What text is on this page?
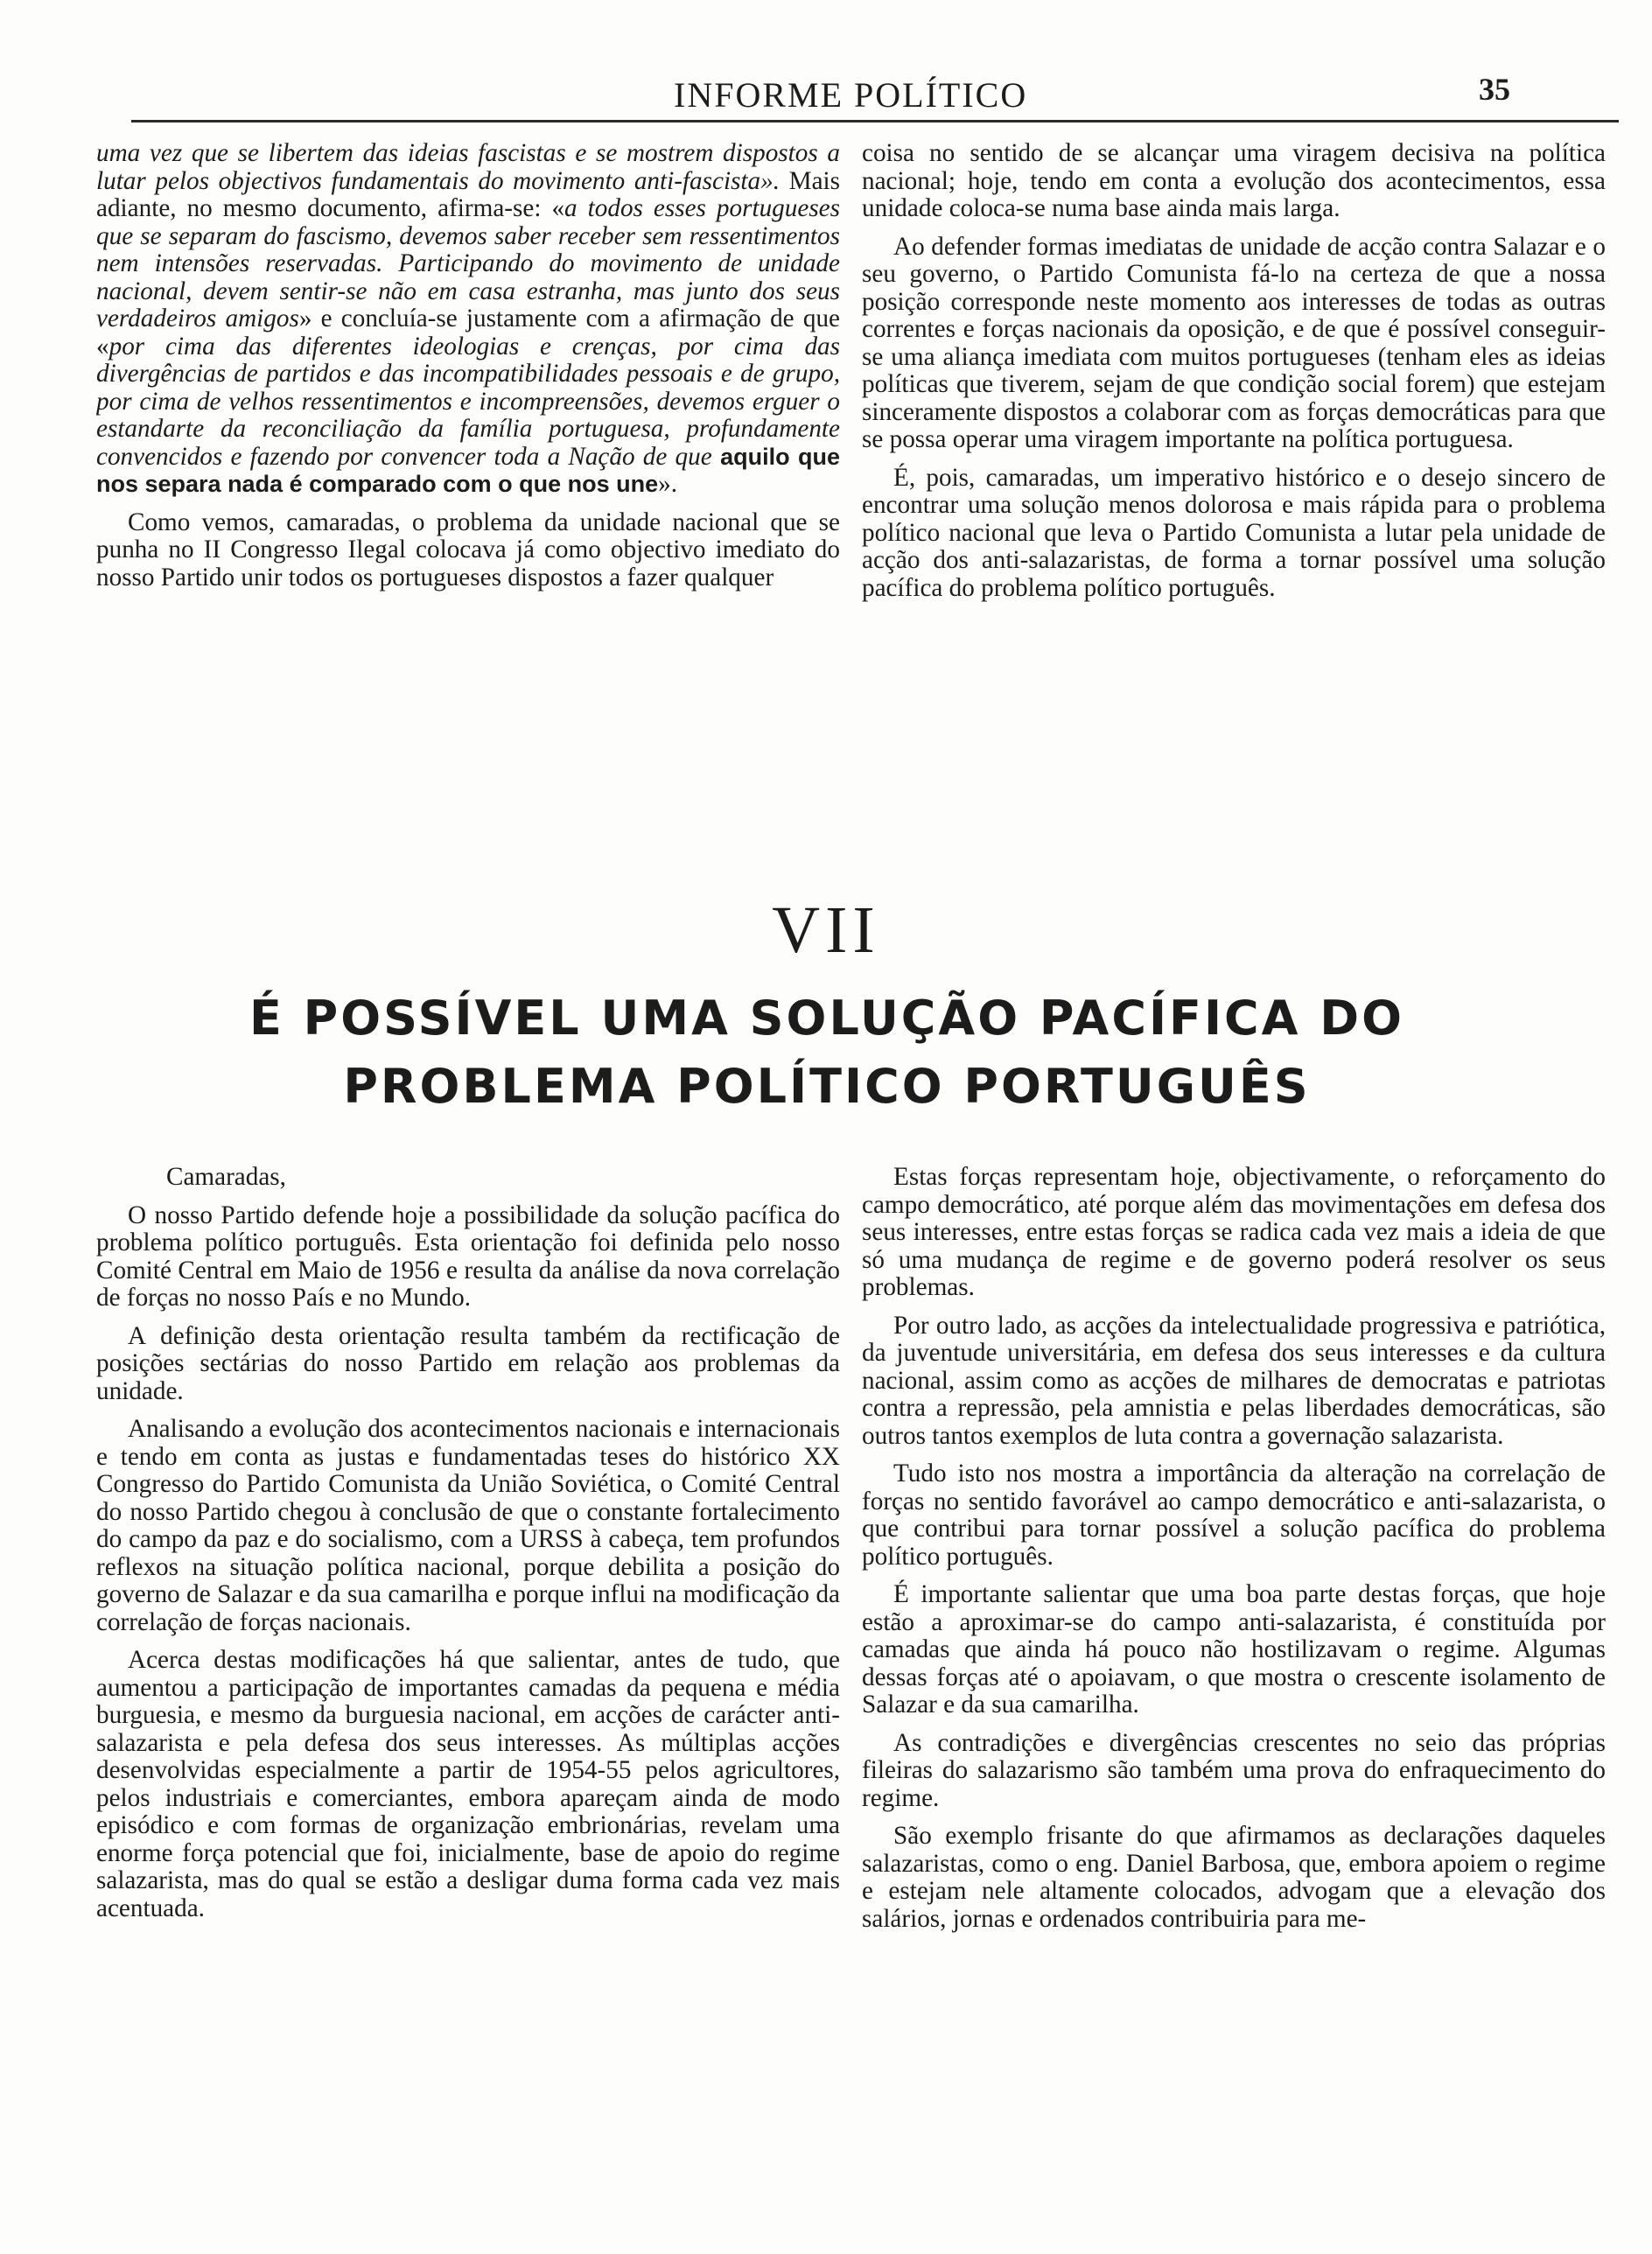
INFORME POLÍTICO	35

uma vez que se libertem das ideias fascistas e se mostrem dispostos a lutar pelos objectivos fundamentais do movimento anti-fascista». Mais adiante, no mesmo documento, afirma-se: «a todos esses portugueses que se separam do fascismo, devemos saber receber sem ressentimentos nem intensões reservadas. Participando do movimento de unidade nacional, devem sentir-se não em casa estranha, mas junto dos seus verdadeiros amigos» e concluía-se justamente com a afirmação de que «por cima das diferentes ideologias e crenças, por cima das divergências de partidos e das incompatibilidades pessoais e de grupo, por cima de velhos ressentimentos e incompreensões, devemos erguer o estandarte da reconciliação da família portuguesa, profundamente convencidos e fazendo por convencer toda a Nação de que aquilo que nos separa nada é comparado com o que nos une».

Como vemos, camaradas, o problema da unidade nacional que se punha no II Congresso Ilegal colocava já como objectivo imediato do nosso Partido unir todos os portugueses dispostos a fazer qualquer

coisa no sentido de se alcançar uma viragem decisiva na política nacional; hoje, tendo em conta a evolução dos acontecimentos, essa unidade coloca-se numa base ainda mais larga.

Ao defender formas imediatas de unidade de acção contra Salazar e o seu governo, o Partido Comunista fá-lo na certeza de que a nossa posição corresponde neste momento aos interesses de todas as outras correntes e forças nacionais da oposição, e de que é possível conseguir-se uma aliança imediata com muitos portugueses (tenham eles as ideias políticas que tiverem, sejam de que condição social forem) que estejam sinceramente dispostos a colaborar com as forças democráticas para que se possa operar uma viragem importante na política portuguesa.

É, pois, camaradas, um imperativo histórico e o desejo sincero de encontrar uma solução menos dolorosa e mais rápida para o problema político nacional que leva o Partido Comunista a lutar pela unidade de acção dos anti-salazaristas, de forma a tornar possível uma solução pacífica do problema político português.

VII
É POSSÍVEL UMA SOLUÇÃO PACÍFICA DO PROBLEMA POLÍTICO PORTUGUÊS

Camaradas,

O nosso Partido defende hoje a possibilidade da solução pacífica do problema político português. Esta orientação foi definida pelo nosso Comité Central em Maio de 1956 e resulta da análise da nova correlação de forças no nosso País e no Mundo.

A definição desta orientação resulta também da rectificação de posições sectárias do nosso Partido em relação aos problemas da unidade.

Analisando a evolução dos acontecimentos nacionais e internacionais e tendo em conta as justas e fundamentadas teses do histórico XX Congresso do Partido Comunista da União Soviética, o Comité Central do nosso Partido chegou à conclusão de que o constante fortalecimento do campo da paz e do socialismo, com a URSS à cabeça, tem profundos reflexos na situação política nacional, porque debilita a posição do governo de Salazar e da sua camarilha e porque influi na modificação da correlação de forças nacionais.

Acerca destas modificações há que salientar, antes de tudo, que aumentou a participação de importantes camadas da pequena e média burguesia, e mesmo da burguesia nacional, em acções de carácter anti-salazarista e pela defesa dos seus interesses. As múltiplas acções desenvolvidas especialmente a partir de 1954-55 pelos agricultores, pelos industriais e comerciantes, embora apareçam ainda de modo episódico e com formas de organização embrionárias, revelam uma enorme força potencial que foi, inicialmente, base de apoio do regime salazarista, mas do qual se estão a desligar duma forma cada vez mais acentuada.

Estas forças representam hoje, objectivamente, o reforçamento do campo democrático, até porque além das movimentações em defesa dos seus interesses, entre estas forças se radica cada vez mais a ideia de que só uma mudança de regime e de governo poderá resolver os seus problemas.

Por outro lado, as acções da intelectualidade progressiva e patriótica, da juventude universitária, em defesa dos seus interesses e da cultura nacional, assim como as acções de milhares de democratas e patriotas contra a repressão, pela amnistia e pelas liberdades democráticas, são outros tantos exemplos de luta contra a governação salazarista.

Tudo isto nos mostra a importância da alteração na correlação de forças no sentido favorável ao campo democrático e anti-salazarista, o que contribui para tornar possível a solução pacífica do problema político português.

É importante salientar que uma boa parte destas forças, que hoje estão a aproximar-se do campo anti-salazarista, é constituída por camadas que ainda há pouco não hostilizavam o regime. Algumas dessas forças até o apoiavam, o que mostra o crescente isolamento de Salazar e da sua camarilha.

As contradições e divergências crescentes no seio das próprias fileiras do salazarismo são também uma prova do enfraquecimento do regime.

São exemplo frisante do que afirmamos as declarações daqueles salazaristas, como o eng. Daniel Barbosa, que, embora apoiem o regime e estejam nele altamente colocados, advogam que a elevação dos salários, jornas e ordenados contribuiria para me-
